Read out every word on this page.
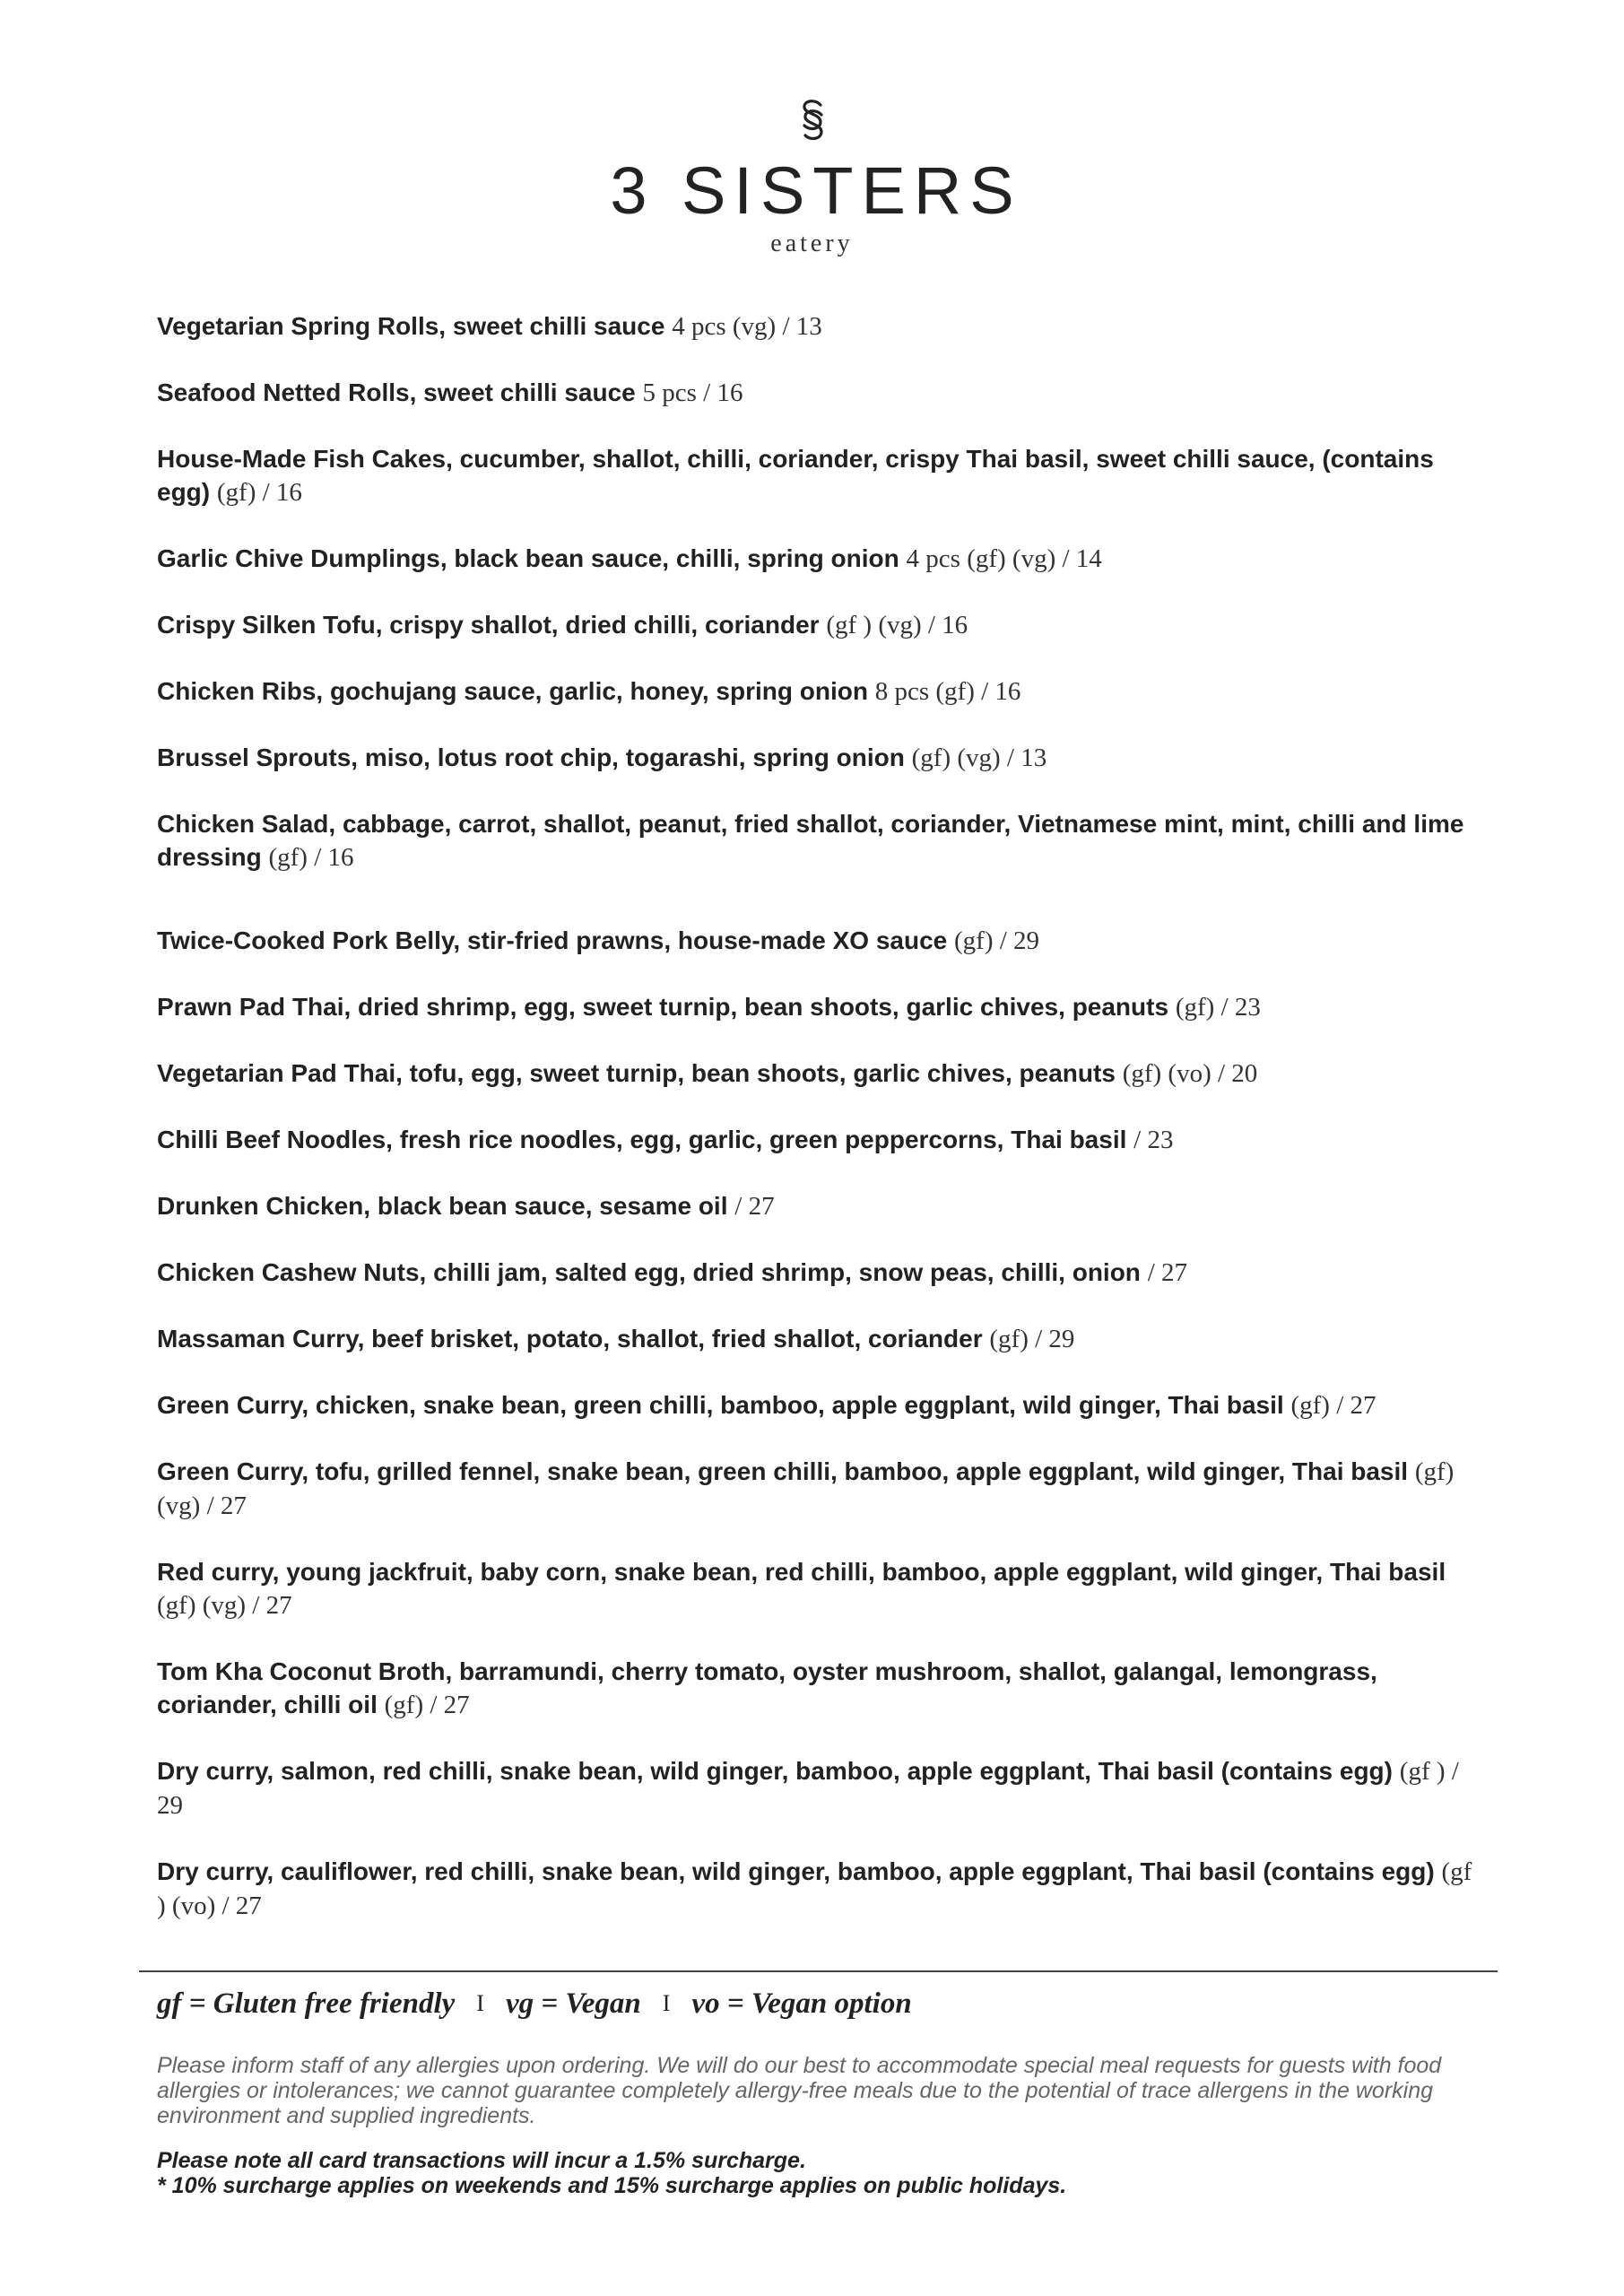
3 SISTERS
eatery
Vegetarian Spring Rolls, sweet chilli sauce 4 pcs (vg) / 13
Seafood Netted Rolls, sweet chilli sauce 5 pcs / 16
House-Made Fish Cakes, cucumber, shallot, chilli, coriander, crispy Thai basil, sweet chilli sauce, (contains egg) (gf) / 16
Garlic Chive Dumplings, black bean sauce, chilli, spring onion 4 pcs (gf) (vg) / 14
Crispy Silken Tofu, crispy shallot, dried chilli, coriander (gf ) (vg) / 16
Chicken Ribs, gochujang sauce, garlic, honey, spring onion 8 pcs (gf) / 16
Brussel Sprouts, miso, lotus root chip, togarashi, spring onion (gf) (vg) / 13
Chicken Salad, cabbage, carrot, shallot, peanut, fried shallot, coriander, Vietnamese mint, mint, chilli and lime dressing (gf) / 16
Twice-Cooked Pork Belly, stir-fried prawns, house-made XO sauce (gf) / 29
Prawn Pad Thai, dried shrimp, egg, sweet turnip, bean shoots, garlic chives, peanuts (gf) / 23
Vegetarian Pad Thai, tofu, egg, sweet turnip, bean shoots, garlic chives, peanuts (gf) (vo) / 20
Chilli Beef Noodles, fresh rice noodles, egg, garlic, green peppercorns, Thai basil / 23
Drunken Chicken, black bean sauce, sesame oil / 27
Chicken Cashew Nuts, chilli jam, salted egg, dried shrimp, snow peas, chilli, onion / 27
Massaman Curry, beef brisket, potato, shallot, fried shallot, coriander (gf) / 29
Green Curry, chicken, snake bean, green chilli, bamboo, apple eggplant, wild ginger, Thai basil (gf) / 27
Green Curry, tofu, grilled fennel, snake bean, green chilli, bamboo, apple eggplant, wild ginger, Thai basil (gf) (vg) / 27
Red curry, young jackfruit, baby corn, snake bean, red chilli, bamboo, apple eggplant, wild ginger, Thai basil (gf) (vg) / 27
Tom Kha Coconut Broth, barramundi, cherry tomato, oyster mushroom, shallot, galangal, lemongrass, coriander, chilli oil (gf) / 27
Dry curry, salmon, red chilli, snake bean, wild ginger, bamboo, apple eggplant, Thai basil (contains egg) (gf ) / 29
Dry curry, cauliflower, red chilli, snake bean, wild ginger, bamboo, apple eggplant, Thai basil (contains egg) (gf ) (vo) / 27
gf = Gluten free friendly I vg = Vegan I vo = Vegan option
Please inform staff of any allergies upon ordering. We will do our best to accommodate special meal requests for guests with food allergies or intolerances; we cannot guarantee completely allergy-free meals due to the potential of trace allergens in the working environment and supplied ingredients.
Please note all card transactions will incur a 1.5% surcharge.
* 10% surcharge applies on weekends and 15% surcharge applies on public holidays.
